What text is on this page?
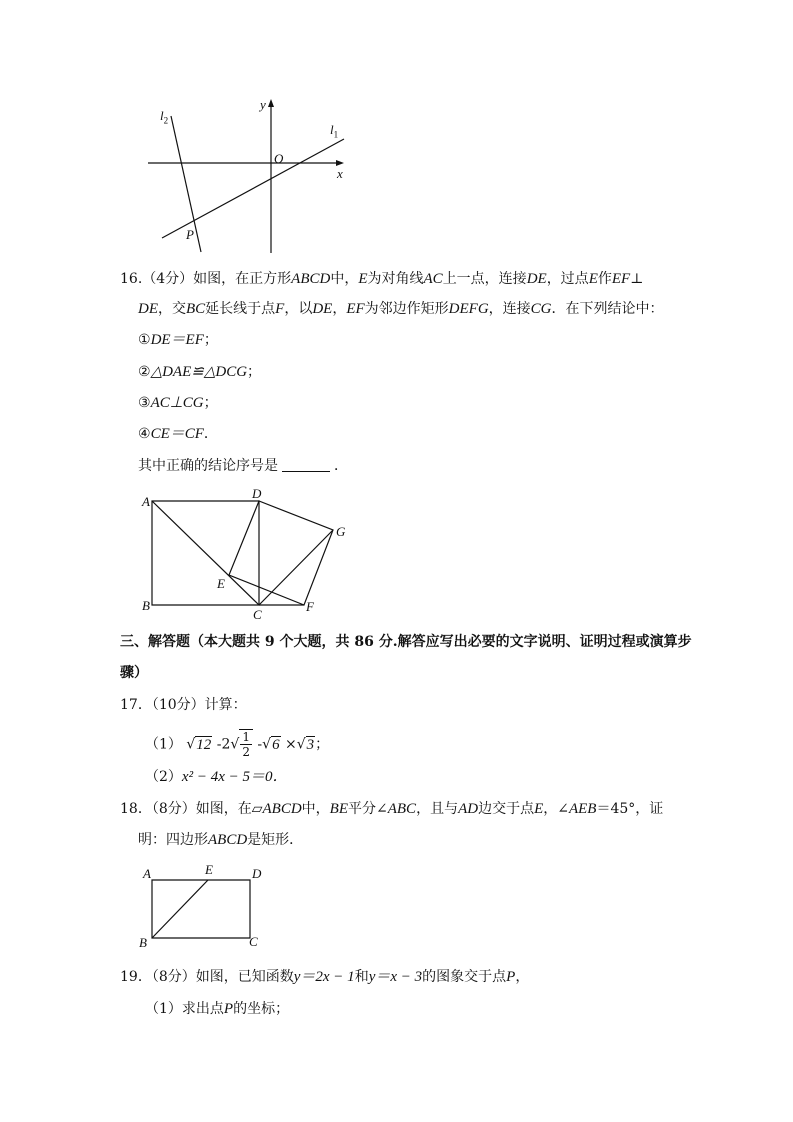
y
x
O
$l_1$
$l_2$
P
16.（4分）如图，在正方形ABCD中，E为对角线AC上一点，连接DE，过点E作EF⊥
DE，交BC延长线于点F，以DE，EF为邻边作矩形DEFG，连接CG．在下列结论中：
①DE＝EF；
②△DAE≌△DCG；
③AC⊥CG；
④CE＝CF．
其中正确的结论序号是	．
A
B
C
D
E
F
G
三、解答题（本大题共 9 个大题，共 86 分.解答应写出必要的文字说明、证明过程或演算步
骤）
17．（10分）计算：
（1） √12 $-2√ \frac{1}{2} -√6 \times√3$；
（2）x² − 4x − 5＝0．
18．（8分）如图，在▱ABCD中，BE平分∠ABC，且与AD边交于点E，∠AEB＝45°，证
明：四边形ABCD是矩形．
A
B	C
D
E
19．（8分）如图，已知函数y＝2x − 1和y＝x − 3的图象交于点P，
（1）求出点P的坐标；
